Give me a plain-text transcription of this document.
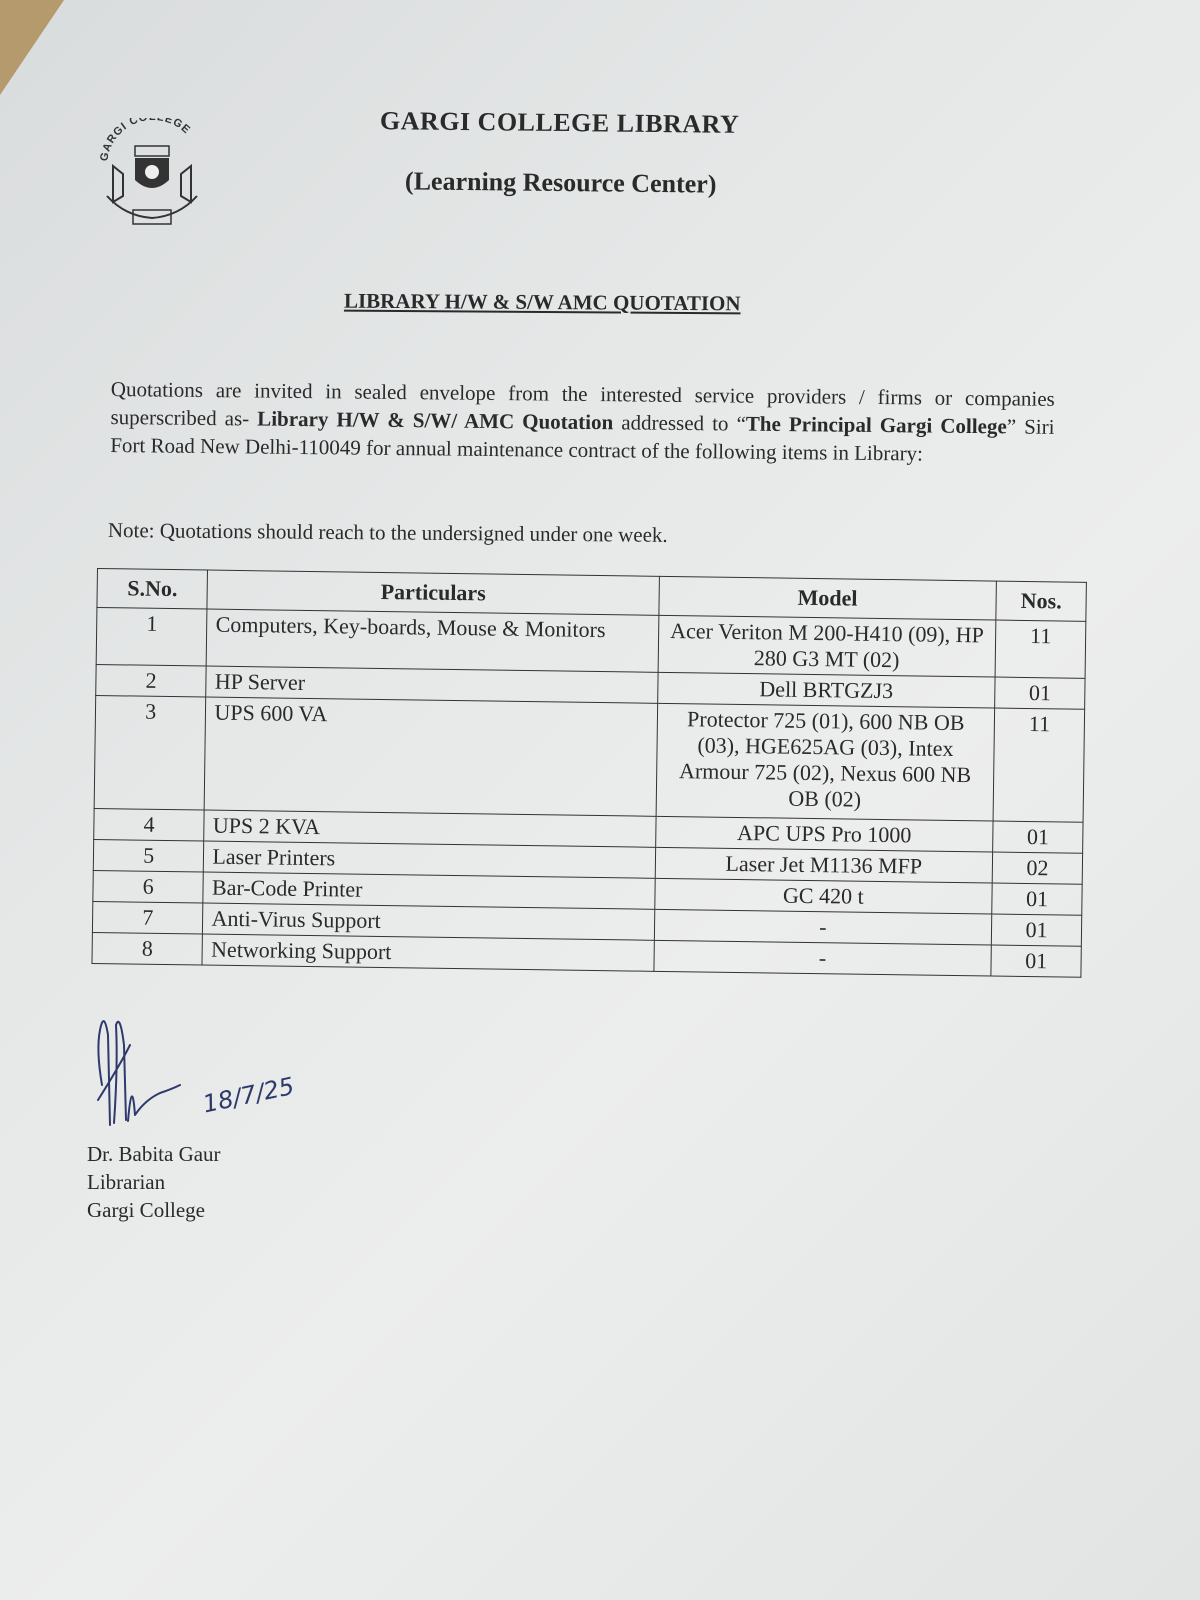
GARGI C EGE	GARGI COLLEGE LIBRARY
(Learning Resource Center)
LIBRARY H/W & S/W AMC QUOTATION
Quotations are invited in sealed envelope from the interested service providers / firms or companies superscribed as- Library H/W & S/W/ AMC Quotation addressed to “The Principal Gargi College” Siri Fort Road New Delhi-110049 for annual maintenance contract of the following items in Library:
Note: Quotations should reach to the undersigned under one week.
S.No.	Particulars	Model	Nos.
1	Computers, Key-boards, Mouse & Monitors	Acer Veriton M 200-H410 (09), HP 280 G3 MT (02)	11
2	HP Server	Dell BRTGZJ3	01
3	UPS 600 VA	Protector 725 (01), 600 NB OB (03), HGE625AG (03), Intex Armour 725 (02), Nexus 600 NB OB (02)	11
4	UPS 2 KVA	APC UPS Pro 1000	01
5	Laser Printers	Laser Jet M1136 MFP	02
6	Bar-Code Printer	GC 420 t	01
7	Anti-Virus Support	-	01
8	Networking Support	-	01
18/7/25
Dr. Babita Gaur
Librarian
Gargi College
